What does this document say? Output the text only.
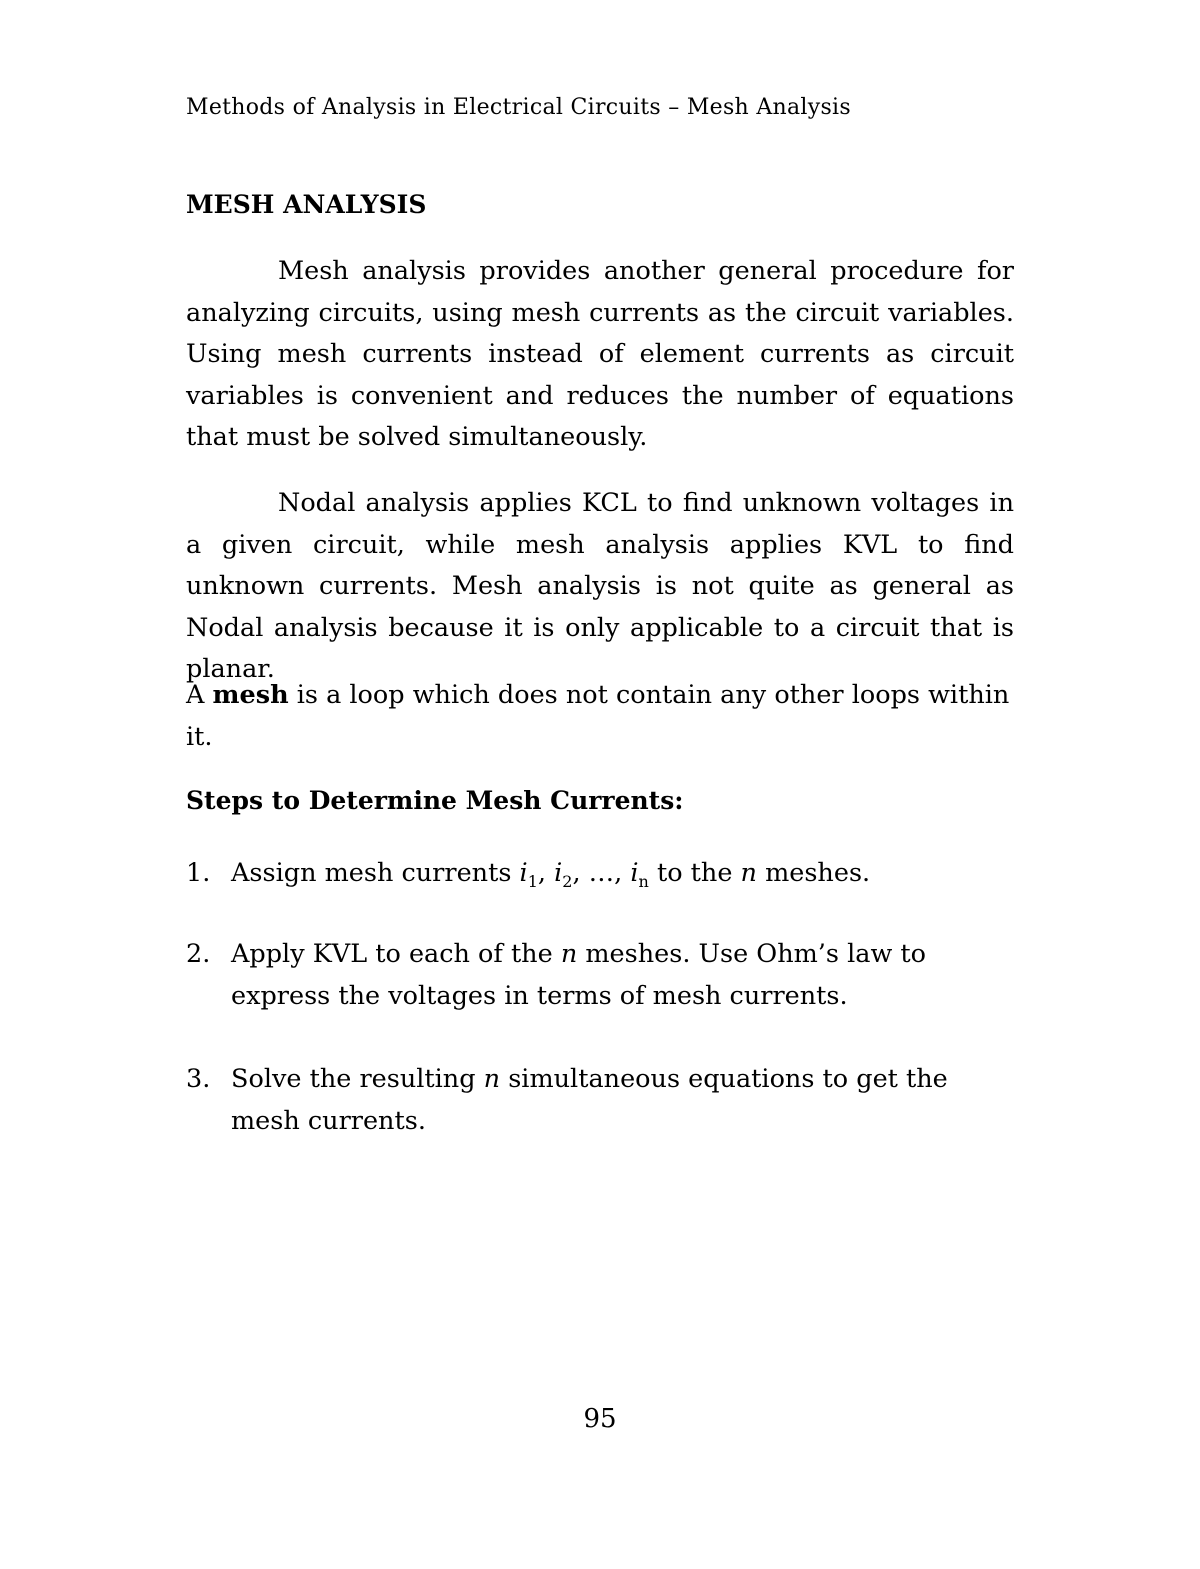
Methods of Analysis in Electrical Circuits – Mesh Analysis
MESH ANALYSIS

Mesh analysis provides another general procedure for analyzing circuits, using mesh currents as the circuit variables. Using mesh currents instead of element currents as circuit variables is convenient and reduces the number of equations that must be solved simultaneously.

Nodal analysis applies KCL to find unknown voltages in a given circuit, while mesh analysis applies KVL to find unknown currents. Mesh analysis is not quite as general as Nodal analysis because it is only applicable to a circuit that is planar.

A mesh is a loop which does not contain any other loops within it.

Steps to Determine Mesh Currents:
1. Assign mesh currents $i_1$, $i_2$, …, $i_n$ to the n meshes.
2. Apply KVL to each of the n meshes. Use Ohm’s law to express the voltages in terms of mesh currents.
3. Solve the resulting n simultaneous equations to get the mesh currents.
95
